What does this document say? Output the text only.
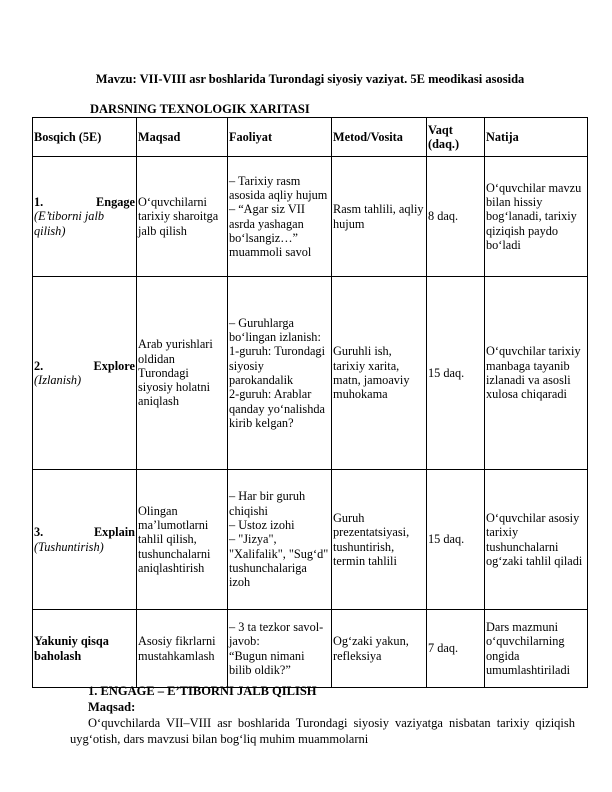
Mavzu: VII-VIII asr boshlarida Turondagi siyosiy vaziyat. 5E meodikasi asosida
DARSNING TEXNOLOGIK XARITASI
Bosqich (5E)	Maqsad	Faoliyat	Metod/Vosita	Vaqt (daq.)	Natija

1. Engage
(E’tiborni jalb qilish)	O‘quvchilarni tarixiy sharoitga jalb qilish	– Tarixiy rasm asosida aqliy hujum
– “Agar siz VII asrda yashagan bo‘lsangiz…” muammoli savol	Rasm tahlili, aqliy hujum	8 daq.	O‘quvchilar mavzu bilan hissiy bog‘lanadi, tarixiy qiziqish paydo bo‘ladi

2. Explore
(Izlanish)	Arab yurishlari oldidan Turondagi siyosiy holatni aniqlash	– Guruhlarga bo‘lingan izlanish:
1-guruh: Turondagi siyosiy parokandalik
2-guruh: Arablar qanday yo‘nalishda kirib kelgan?	Guruhli ish, tarixiy xarita, matn, jamoaviy muhokama	15 daq.	O‘quvchilar tarixiy manbaga tayanib izlanadi va asosli xulosa chiqaradi

3. Explain
(Tushuntirish)	Olingan ma’lumotlarni tahlil qilish, tushunchalarni aniqlashtirish	– Har bir guruh chiqishi
– Ustoz izohi
– "Jizya", "Xalifalik", "Sug‘d" tushunchalariga izoh	Guruh prezentatsiyasi, tushuntirish, termin tahlili	15 daq.	O‘quvchilar asosiy tarixiy tushunchalarni og‘zaki tahlil qiladi
Yakuniy qisqa baholash	Asosiy fikrlarni mustahkamlash	– 3 ta tezkor savol-javob:
“Bugun nimani bilib oldik?”	Og‘zaki yakun, refleksiya	7 daq.	Dars mazmuni o‘quvchilarning ongida umumlashtiriladi
1. ENGAGE – E’TIBORNI JALB QILISH
Maqsad:
O‘quvchilarda VII–VIII asr boshlarida Turondagi siyosiy vaziyatga nisbatan tarixiy qiziqish uyg‘otish, dars mavzusi bilan bog‘liq muhim muammolarni
